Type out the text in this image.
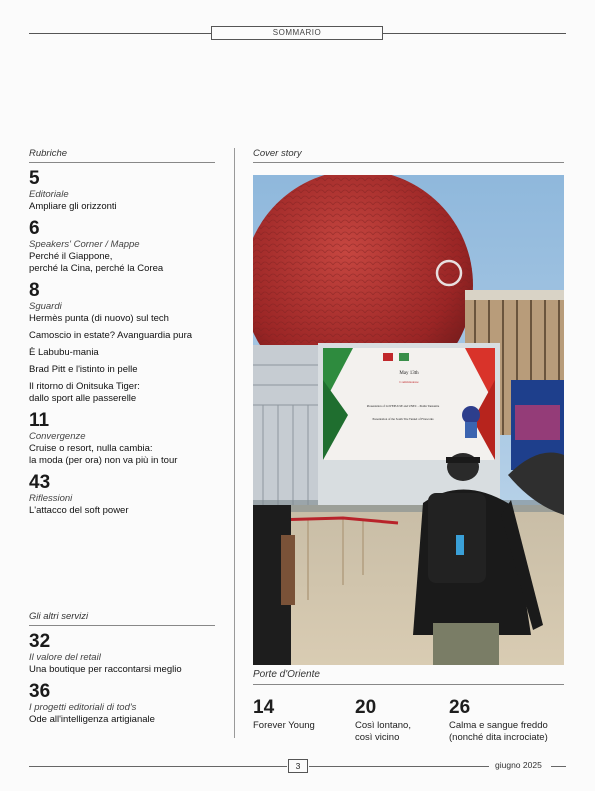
SOMMARIO
Rubriche
5
Editoriale
Ampliare gli orizzonti
6
Speakers' Corner / Mappe
Perché il Giappone,
perché la Cina, perché la Corea
8
Sguardi
Hermès punta (di nuovo) sul tech
Camoscio in estate? Avanguardia pura
È Labubu-mania
Brad Pitt e l'istinto in pelle
Il ritorno di Onitsuka Tiger:
dallo sport alle passerelle
11
Convergenze
Cruise o resort, nulla cambia:
la moda (per ora) non va più in tour
43
Riflessioni
L'attacco del soft power
Gli altri servizi
32
Il valore del retail
Una boutique per raccontarsi meglio
36
I progetti editoriali di tod's
Ode all'intelligenza artigianale
Cover story
May 13th
Commissione
Presentation of LOVEPULSE and UNEC - Xialin Tanzanite
Presentation of the South Tire Tunnel of Fireworks
Porte d'Oriente
14
Forever Young
20
Così lontano,
così vicino
26
Calma e sangue freddo
(nonché dita incrociate)
3	giugno 2025
